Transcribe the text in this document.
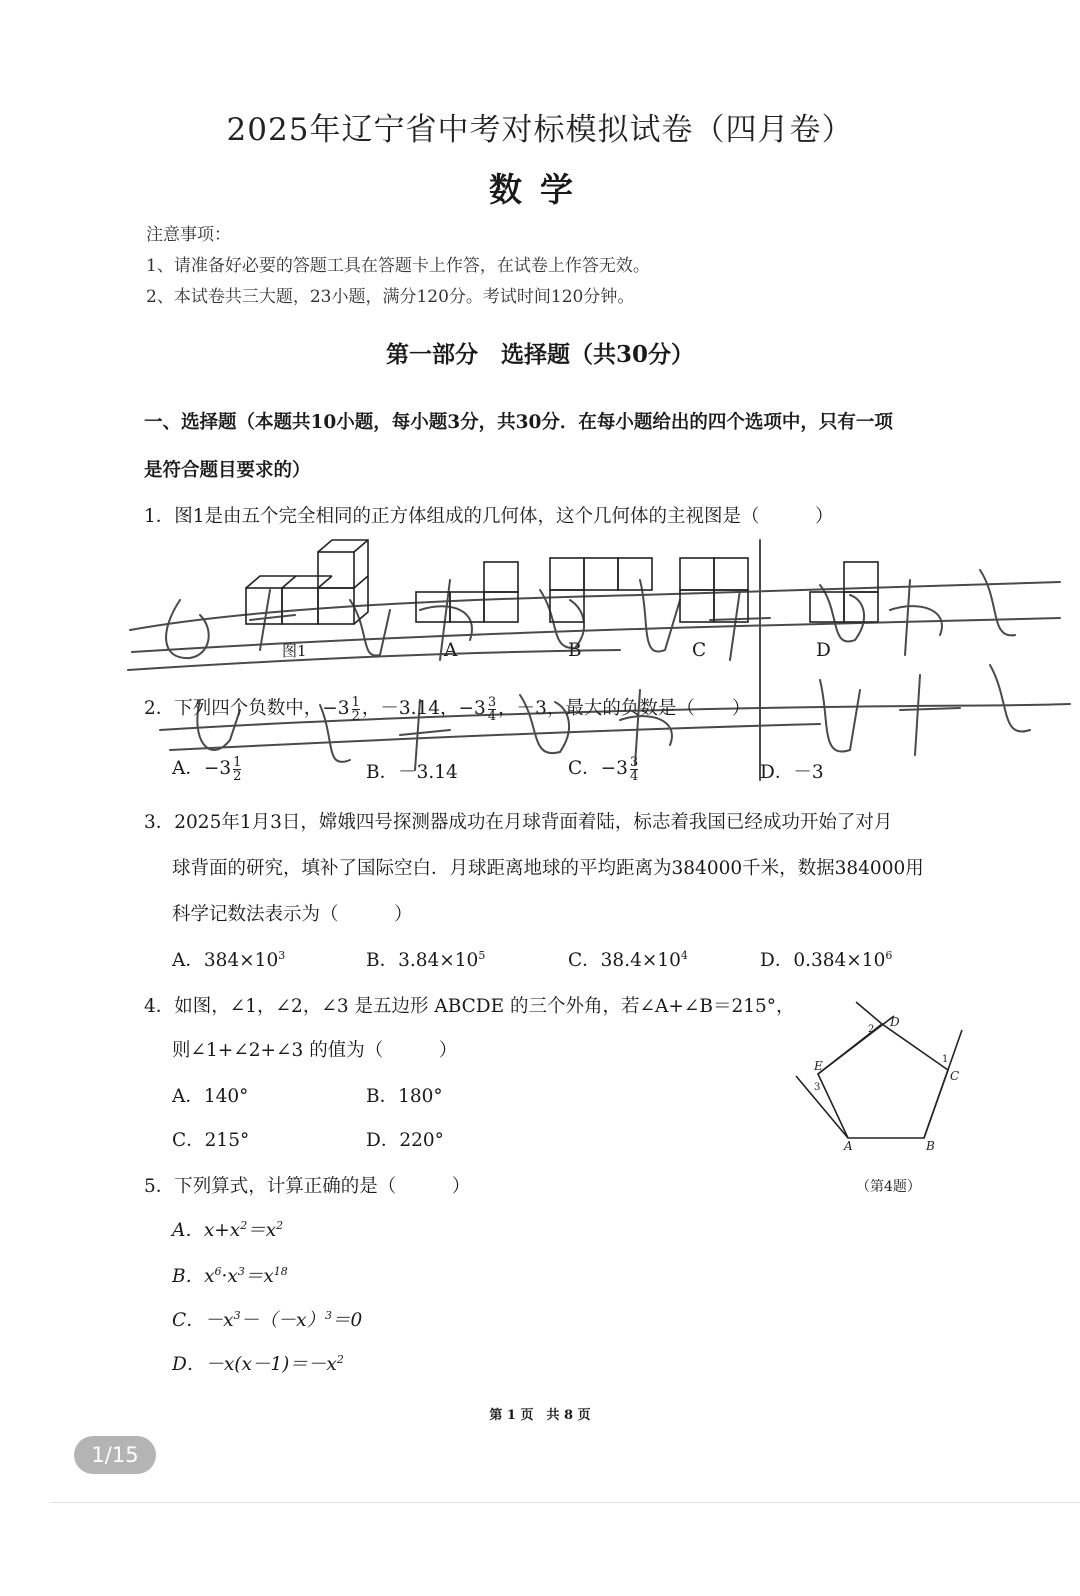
2025年辽宁省中考对标模拟试卷（四月卷）
数学
注意事项：
1、请准备好必要的答题工具在答题卡上作答，在试卷上作答无效。
2、本试卷共三大题，23小题，满分120分。考试时间120分钟。
第一部分　选择题（共30分）
一、选择题（本题共10小题，每小题3分，共30分．在每小题给出的四个选项中，只有一项
是符合题目要求的）
1．图1是由五个完全相同的正方体组成的几何体，这个几何体的主视图是（　　　）
图1	A	B	C	D
2．下列四个负数中，$-3 \frac{1}{2}$ ，－3.14，$-3 \frac{3}{4}$ ，－3，最大的负数是（　　）
A．$-3 \frac{1}{2}$	B．－3.14	C．$-3 \frac{3}{4}$	D．－3
3．2025年1月3日，嫦娥四号探测器成功在月球背面着陆，标志着我国已经成功开始了对月
球背面的研究，填补了国际空白．月球距离地球的平均距离为384000千米，数据384000用
科学记数法表示为（　　　）
A．$384\times 10^3$	B．$3.84\times 10^5$	C．$38.4\times 10^4$	D．$0.384\times 10^6$
4．如图，∠1，∠2，∠3 是五边形 ABCDE 的三个外角，若∠A+∠B＝215°，
则∠1+∠2+∠3 的值为（　　　）
A．140°	B．180°
C．215°	D．220°	A	B
C
D
E	1
2
3
（第4题）
5．下列算式，计算正确的是（　　　）
A．$x+x^2=x^2$
B．$x^6\cdot x^3=x^{18}$
C．$-x^3-(-x)^3=0$
D．$-x(x-1)=-x^2$
第 1 页　共 8 页
1/15
